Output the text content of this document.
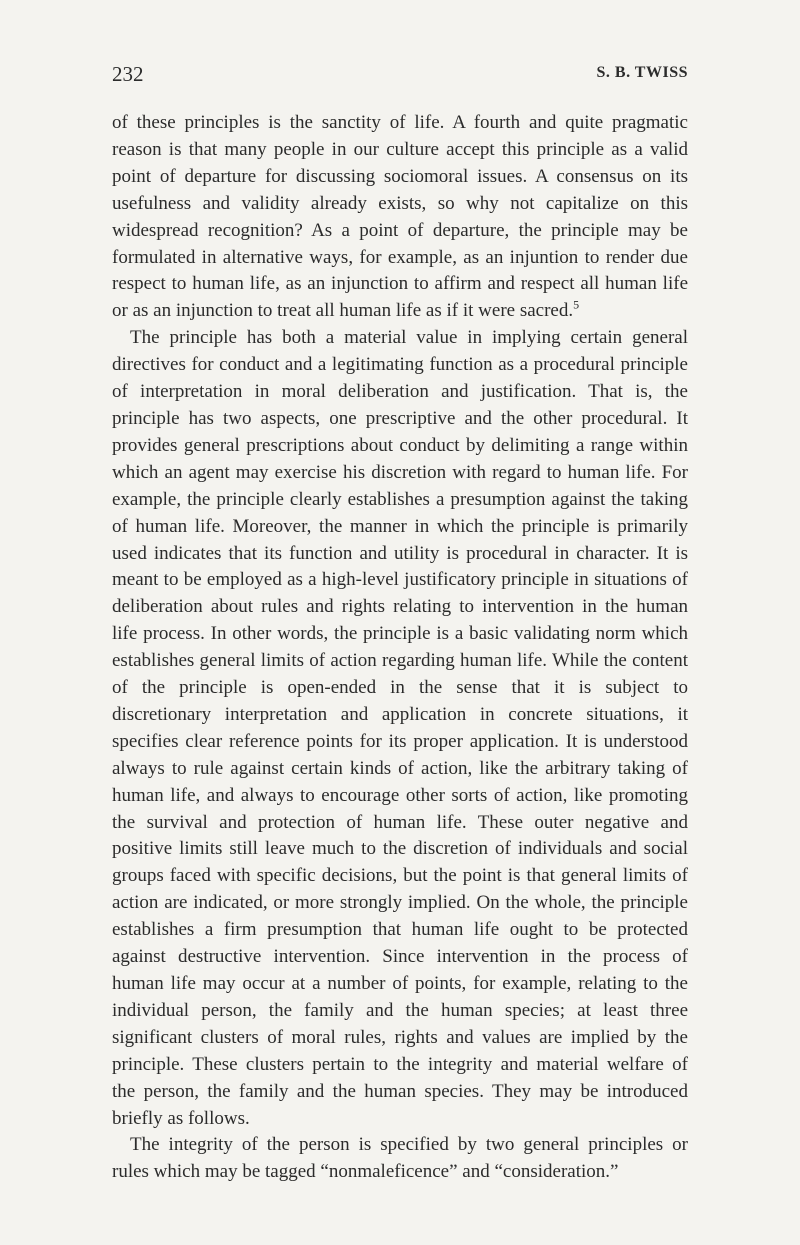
232	S. B. TWISS
of these principles is the sanctity of life. A fourth and quite pragmatic
reason is that many people in our culture accept this principle as a valid
point of departure for discussing sociomoral issues. A consensus on its
usefulness and validity already exists, so why not capitalize on this
widespread recognition? As a point of departure, the principle may be
formulated in alternative ways, for example, as an injuntion to render due
respect to human life, as an injunction to affirm and respect all human life
or as an injunction to treat all human life as if it were sacred.$^5$
The principle has both a material value in implying certain general
directives for conduct and a legitimating function as a procedural principle
of interpretation in moral deliberation and justification. That is, the
principle has two aspects, one prescriptive and the other procedural. It
provides general prescriptions about conduct by delimiting a range within
which an agent may exercise his discretion with regard to human life. For
example, the principle clearly establishes a presumption against the taking
of human life. Moreover, the manner in which the principle is primarily
used indicates that its function and utility is procedural in character. It is
meant to be employed as a high-level justificatory principle in situations of
deliberation about rules and rights relating to intervention in the human
life process. In other words, the principle is a basic validating norm which
establishes general limits of action regarding human life. While the content
of the principle is open-ended in the sense that it is subject to
discretionary interpretation and application in concrete situations, it
specifies clear reference points for its proper application. It is understood
always to rule against certain kinds of action, like the arbitrary taking of
human life, and always to encourage other sorts of action, like promoting
the survival and protection of human life. These outer negative and
positive limits still leave much to the discretion of individuals and social
groups faced with specific decisions, but the point is that general limits of
action are indicated, or more strongly implied. On the whole, the principle
establishes a firm presumption that human life ought to be protected
against destructive intervention. Since intervention in the process of
human life may occur at a number of points, for example, relating to the
individual person, the family and the human species; at least three
significant clusters of moral rules, rights and values are implied by the
principle. These clusters pertain to the integrity and material welfare of
the person, the family and the human species. They may be introduced
briefly as follows.
The integrity of the person is specified by two general principles or
rules which may be tagged “nonmaleficence” and “consideration.”
